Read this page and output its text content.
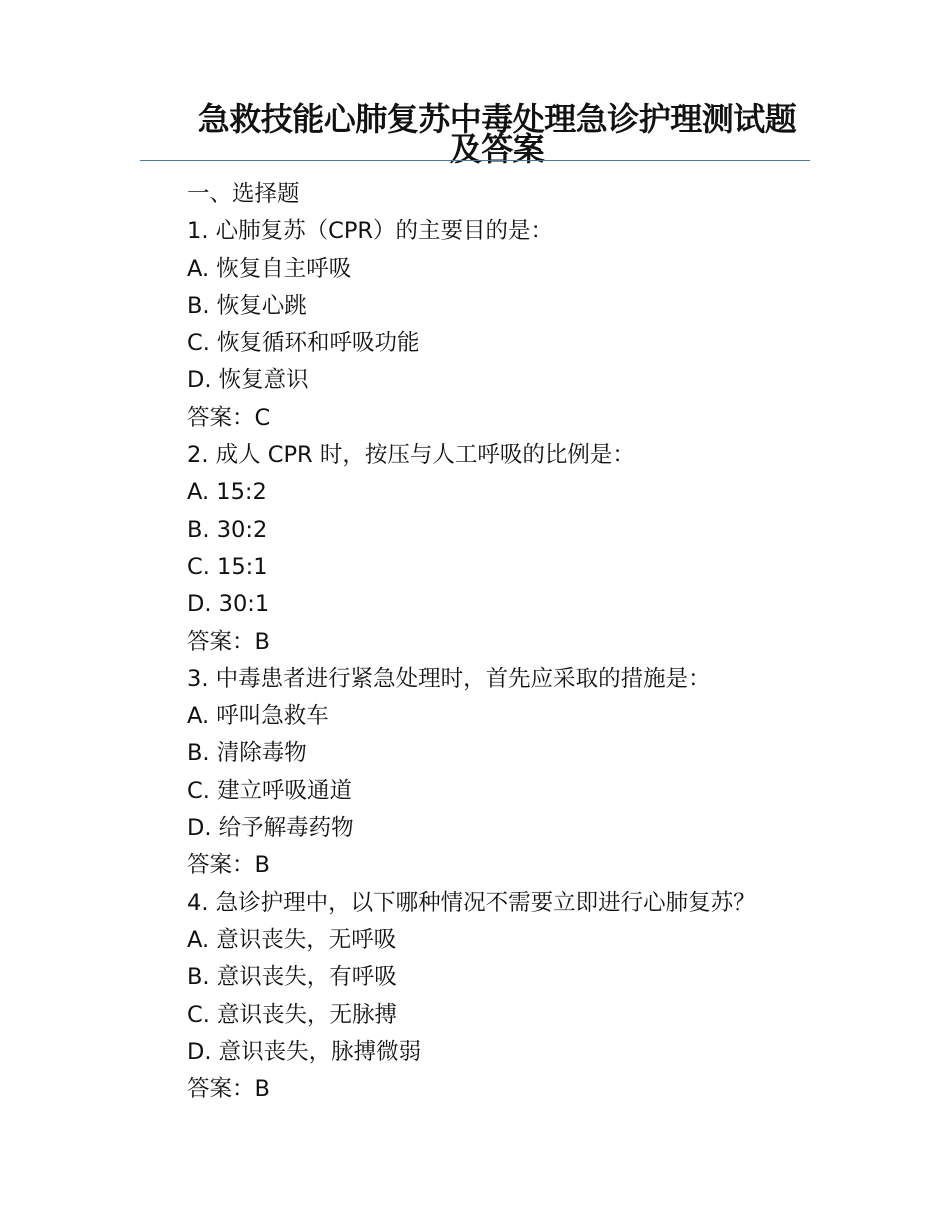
急救技能心肺复苏中毒处理急诊护理测试题及答案
一、选择题
1. 心肺复苏（CPR）的主要目的是：
A. 恢复自主呼吸
B. 恢复心跳
C. 恢复循环和呼吸功能
D. 恢复意识
答案：C
2. 成人 CPR 时，按压与人工呼吸的比例是：
A. 15:2
B. 30:2
C. 15:1
D. 30:1
答案：B
3. 中毒患者进行紧急处理时，首先应采取的措施是：
A. 呼叫急救车
B. 清除毒物
C. 建立呼吸通道
D. 给予解毒药物
答案：B
4. 急诊护理中，以下哪种情况不需要立即进行心肺复苏？
A. 意识丧失，无呼吸
B. 意识丧失，有呼吸
C. 意识丧失，无脉搏
D. 意识丧失，脉搏微弱
答案：B
